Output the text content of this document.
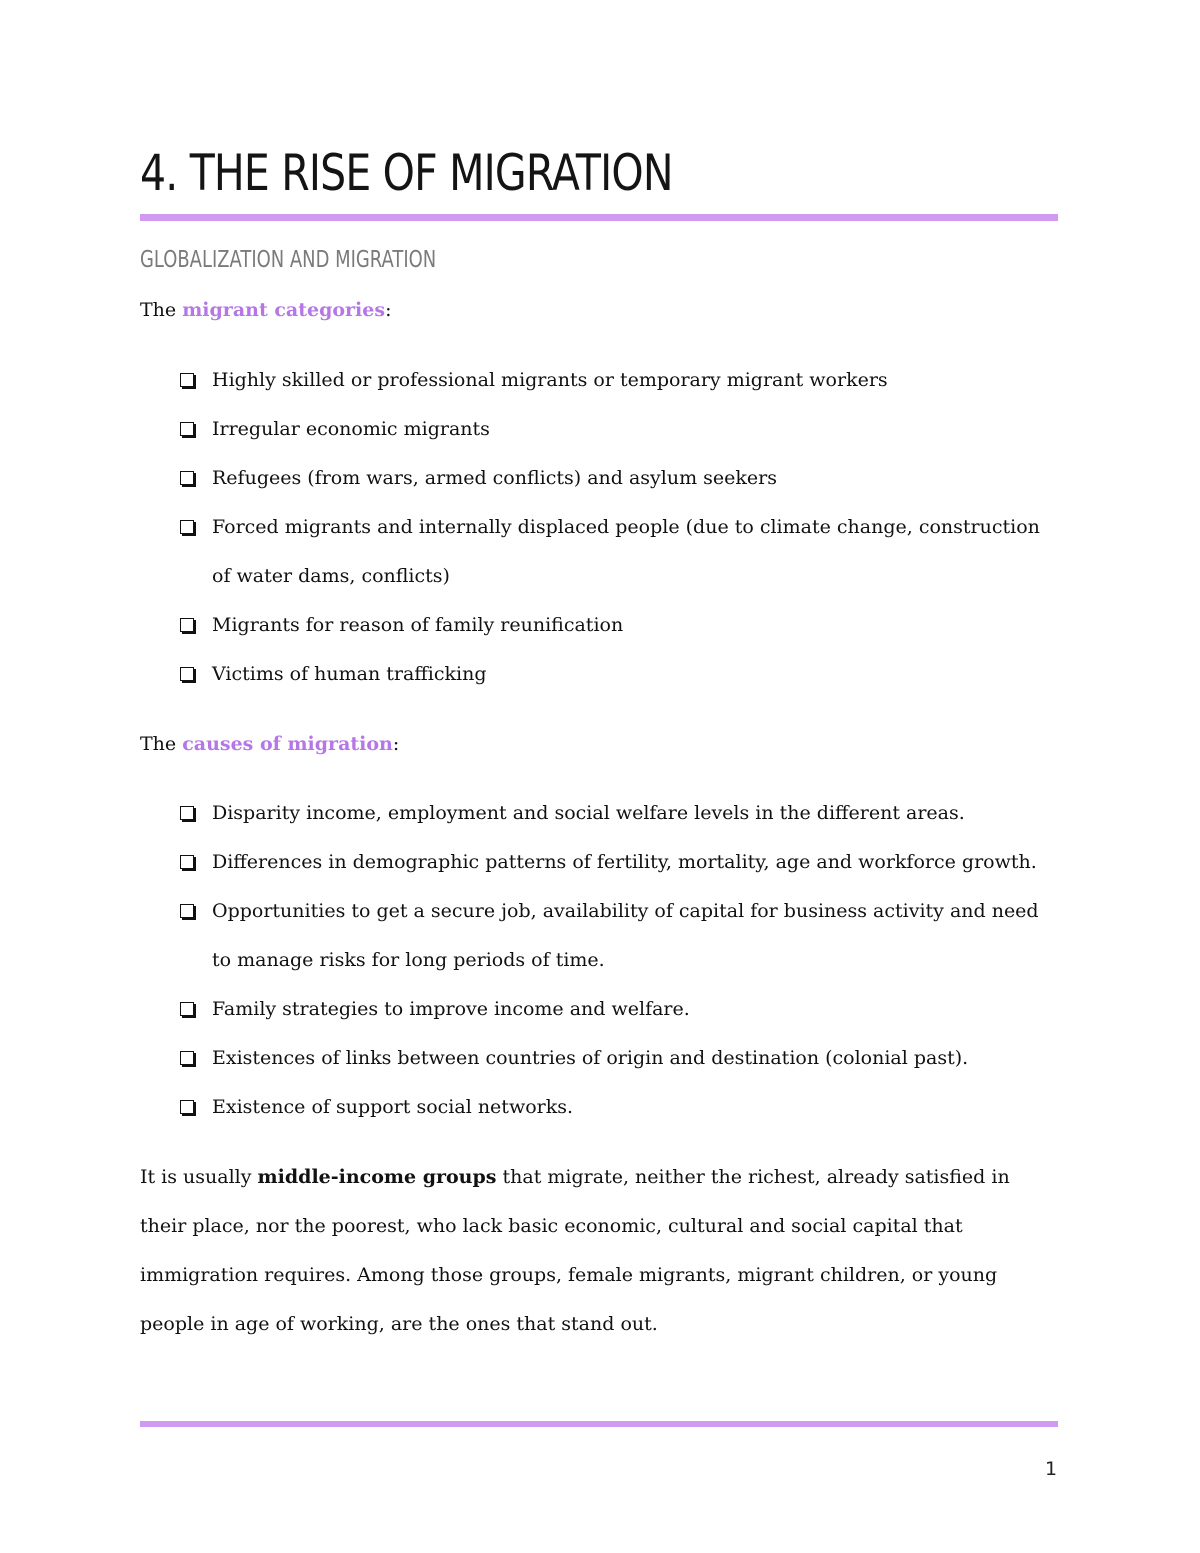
4. THE RISE OF MIGRATION
GLOBALIZATION AND MIGRATION

The migrant categories:

Highly skilled or professional migrants or temporary migrant workers
Irregular economic migrants
Refugees (from wars, armed conflicts) and asylum seekers
Forced migrants and internally displaced people (due to climate change, construction of water dams, conflicts)
Migrants for reason of family reunification
Victims of human trafficking

The causes of migration:

Disparity income, employment and social welfare levels in the different areas.
Differences in demographic patterns of fertility, mortality, age and workforce growth.
Opportunities to get a secure job, availability of capital for business activity and need to manage risks for long periods of time.
Family strategies to improve income and welfare.
Existences of links between countries of origin and destination (colonial past).
Existence of support social networks.

It is usually middle-income groups that migrate, neither the richest, already satisfied in their place, nor the poorest, who lack basic economic, cultural and social capital that immigration requires. Among those groups, female migrants, migrant children, or young people in age of working, are the ones that stand out.

1
